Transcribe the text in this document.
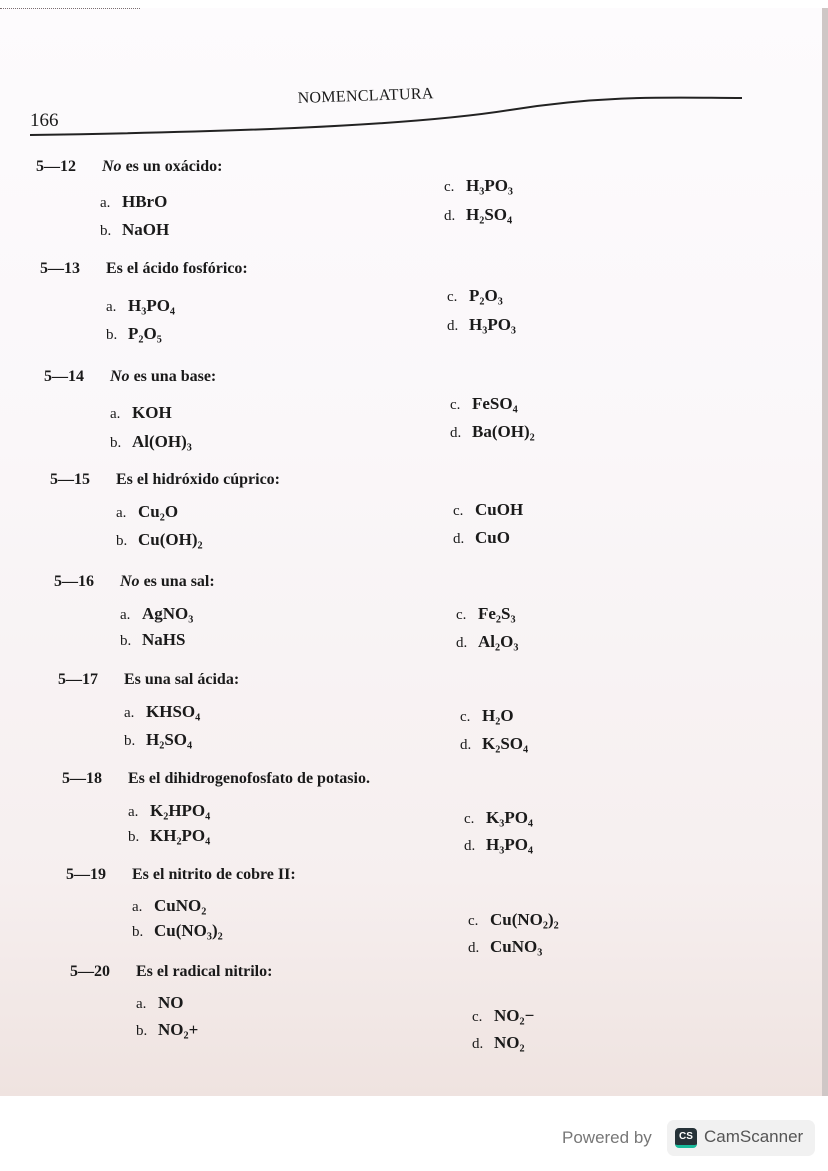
166
NOMENCLATURA
5—12 No es un oxácido:
a. HBrO
b. NaOH
c. H₃PO₃
d. H₂SO₄
5—13 Es el ácido fosfórico:
a. H₃PO₄
b. P₂O₅
c. P₂O₃
d. H₃PO₃
5—14 No es una base:
a. KOH
b. Al(OH)₃
c. FeSO₄
d. Ba(OH)₂
5—15 Es el hidróxido cúprico:
a. Cu₂O
b. Cu(OH)₂
c. CuOH
d. CuO
5—16 No es una sal:
a. AgNO₃
b. NaHS
c. Fe₂S₃
d. Al₂O₃
5—17 Es una sal ácida:
a. KHSO₄
b. H₂SO₄
c. H₂O
d. K₂SO₄
5—18 Es el dihidrogenofosfato de potasio.
a. K₂HPO₄
b. KH₂PO₄
c. K₃PO₄
d. H₃PO₄
5—19 Es el nitrito de cobre II:
a. CuNO₂
b. Cu(NO₃)₂	c. Cu(NO₂)₂
d. CuNO₃
5—20 Es el radical nitrilo:
a. NO
b. NO₂+
c. NO₂−
d. NO₂
Powered by	CS CamScanner
